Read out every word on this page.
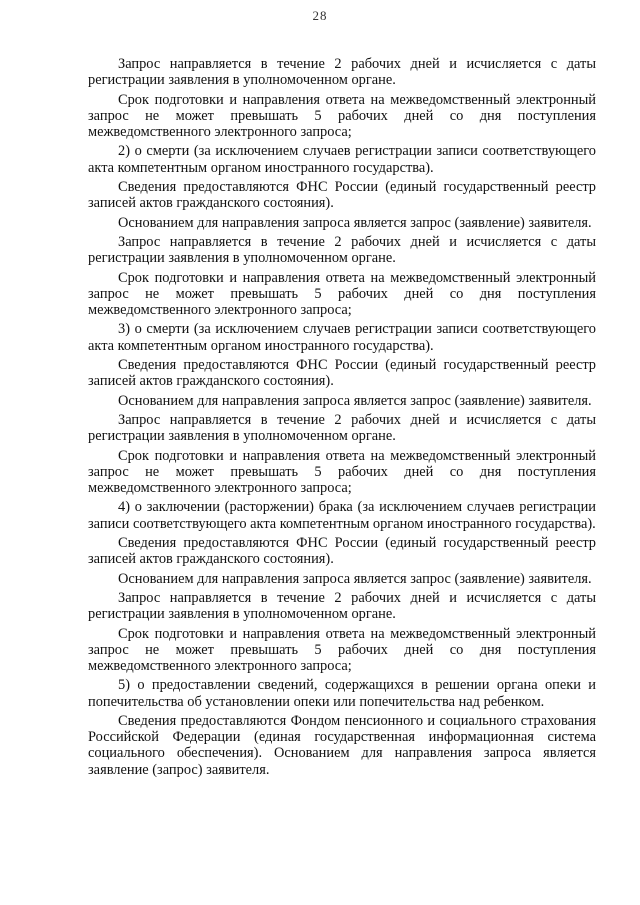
28

Запрос направляется в течение 2 рабочих дней и исчисляется с даты регистрации заявления в уполномоченном органе.

Срок подготовки и направления ответа на межведомственный электронный запрос не может превышать 5 рабочих дней со дня поступления межведомственного электронного запроса;

2) о смерти (за исключением случаев регистрации записи соответствующего акта компетентным органом иностранного государства).

Сведения предоставляются ФНС России (единый государственный реестр записей актов гражданского состояния).

Основанием для направления запроса является запрос (заявление) заявителя.

Запрос направляется в течение 2 рабочих дней и исчисляется с даты регистрации заявления в уполномоченном органе.

Срок подготовки и направления ответа на межведомственный электронный запрос не может превышать 5 рабочих дней со дня поступления межведомственного электронного запроса;

3) о смерти (за исключением случаев регистрации записи соответствующего акта компетентным органом иностранного государства).

Сведения предоставляются ФНС России (единый государственный реестр записей актов гражданского состояния).

Основанием для направления запроса является запрос (заявление) заявителя.

Запрос направляется в течение 2 рабочих дней и исчисляется с даты регистрации заявления в уполномоченном органе.

Срок подготовки и направления ответа на межведомственный электронный запрос не может превышать 5 рабочих дней со дня поступления межведомственного электронного запроса;

4) о заключении (расторжении) брака (за исключением случаев регистрации записи соответствующего акта компетентным органом иностранного государства).

Сведения предоставляются ФНС России (единый государственный реестр записей актов гражданского состояния).

Основанием для направления запроса является запрос (заявление) заявителя.

Запрос направляется в течение 2 рабочих дней и исчисляется с даты регистрации заявления в уполномоченном органе.

Срок подготовки и направления ответа на межведомственный электронный запрос не может превышать 5 рабочих дней со дня поступления межведомственного электронного запроса;

5) о предоставлении сведений, содержащихся в решении органа опеки и попечительства об установлении опеки или попечительства над ребенком.

Сведения предоставляются Фондом пенсионного и социального страхования Российской Федерации (единая государственная информационная система социального обеспечения). Основанием для направления запроса является заявление (запрос) заявителя.
